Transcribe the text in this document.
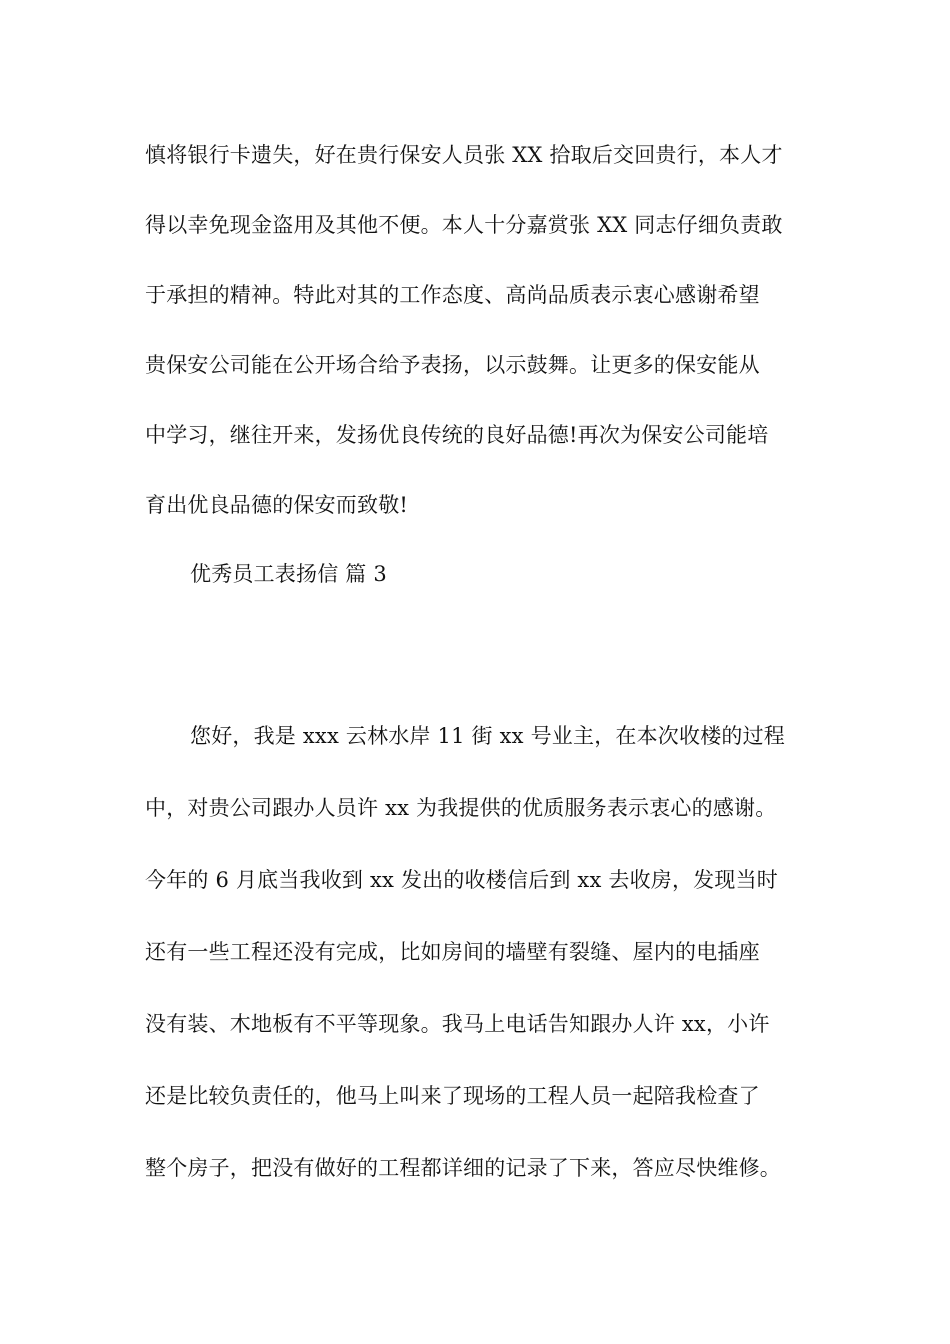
慎将银行卡遗失，好在贵行保安人员张 XX 拾取后交回贵行，本人才
得以幸免现金盗用及其他不便。本人十分嘉赏张 XX 同志仔细负责敢
于承担的精神。特此对其的工作态度、高尚品质表示衷心感谢希望
贵保安公司能在公开场合给予表扬，以示鼓舞。让更多的保安能从
中学习，继往开来，发扬优良传统的良好品德!再次为保安公司能培
育出优良品德的保安而致敬!
优秀员工表扬信 篇 3
您好，我是 xxx 云林水岸 11 街 xx 号业主，在本次收楼的过程
中，对贵公司跟办人员许 xx 为我提供的优质服务表示衷心的感谢。
今年的 6 月底当我收到 xx 发出的收楼信后到 xx 去收房，发现当时
还有一些工程还没有完成，比如房间的墙壁有裂缝、屋内的电插座
没有装、木地板有不平等现象。我马上电话告知跟办人许 xx，小许
还是比较负责任的，他马上叫来了现场的工程人员一起陪我检查了
整个房子，把没有做好的工程都详细的记录了下来，答应尽快维修。
